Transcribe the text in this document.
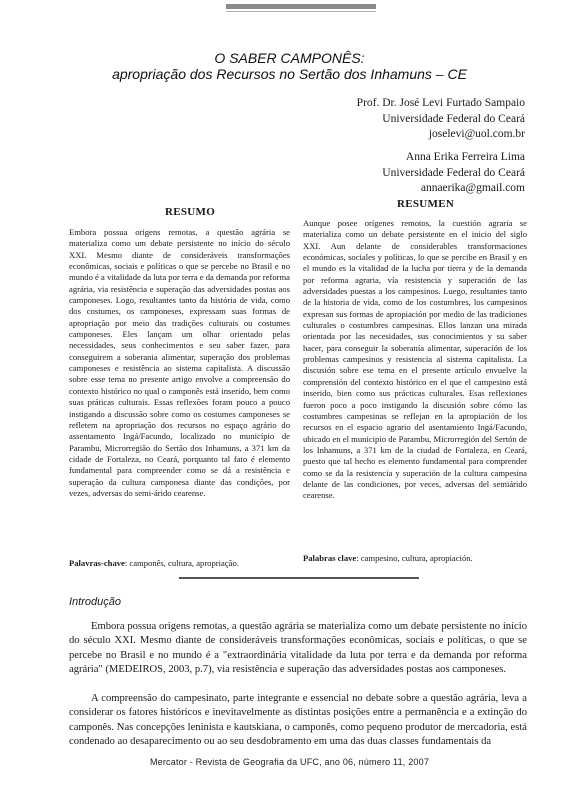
O SABER CAMPONÊS:
apropriação dos Recursos no Sertão dos Inhamuns – CE
Prof. Dr. José Levi Furtado Sampaio
Universidade Federal do Ceará
joselevi@uol.com.br
Anna Erika Ferreira Lima
Universidade Federal do Ceará
annaerika@gmail.com
RESUMO
RESUMEN
Embora possua origens remotas, a questão agrária se materializa como um debate persistente no início do século XXI. Mesmo diante de consideráveis transformações econômicas, sociais e políticas o que se percebe no Brasil e no mundo é a vitalidade da luta por terra e da demanda por reforma agrária, via resistência e superação das adversidades postas aos camponeses. Logo, resultantes tanto da história de vida, como dos costumes, os camponeses, expressam suas formas de apropriação por meio das tradições culturais ou costumes camponeses. Eles lançam um olhar orientado pelas necessidades, seus conhecimentos e seu saber fazer, para conseguirem a soberania alimentar, superação dos problemas camponeses e resistência ao sistema capitalista. A discussão sobre esse tema no presente artigo envolve a compreensão do contexto histórico no qual o camponês está inserido, bem como suas práticas culturais. Essas reflexões foram pouco a pouco instigando a discussão sobre como os costumes camponeses se refletem na apropriação dos recursos no espaço agrário do assentamento Ingá/Facundo, localizado no município de Parambu, Microrregião do Sertão dos Inhamuns, a 371 km da cidade de Fortaleza, no Ceará, porquanto tal fato é elemento fundamental para compreender como se dá a resistência e superação da cultura camponesa diante das condições, por vezes, adversas do semi-árido cearense.
Aunque posee orígenes remotos, la cuestión agraria se materializa como un debate persistente en el inicio del siglo XXI. Aun delante de considerables transformaciones económicas, sociales y políticas, lo que se percibe en Brasil y en el mundo es la vitalidad de la lucha por tierra y de la demanda por reforma agraria, vía resistencia y superación de las adversidades puestas a los campesinos. Luego, resultantes tanto de la historia de vida, como de los costumbres, los campesinos expresan sus formas de apropiación por medio de las tradiciones culturales o costumbres campesinas. Ellos lanzan una mirada orientada por las necesidades, sus conocimientos y su saber hacer, para conseguir la soberanía alimentar, superación de los problemas campesinos y resistencia al sistema capitalista. La discusión sobre ese tema en el presente artículo envuelve la comprensión del contexto histórico en el que el campesino está inserido, bien como sus prácticas culturales. Esas reflexiones fueron poco a poco instigando la discusión sobre cómo las costumbres campesinas se reflejan en la apropiación de los recursos en el espacio agrario del asentamiento Ingá/Facundo, ubicado en el municipio de Parambu, Microrregión del Sertón de los Inhamuns, a 371 km de la ciudad de Fortaleza, en Ceará, puesto que tal hecho es elemento fundamental para comprender como se da la resistencia y superación de la cultura campesina delante de las condiciones, por veces, adversas del semiárido cearense.
Palavras-chave: camponês, cultura, apropriação.	Palabras clave: campesino, cultura, apropiación.
Introdução
Embora possua origens remotas, a questão agrária se materializa como um debate persistente no início do século XXI. Mesmo diante de consideráveis transformações econômicas, sociais e políticas, o que se percebe no Brasil e no mundo é a "extraordinária vitalidade da luta por terra e da demanda por reforma agrária" (MEDEIROS, 2003, p.7), via resistência e superação das adversidades postas aos camponeses.
A compreensão do campesinato, parte integrante e essencial no debate sobre a questão agrária, leva a considerar os fatores históricos e inevitavelmente as distintas posições entre a permanência e a extinção do camponês. Nas concepções leninista e kautskiana, o camponês, como pequeno produtor de mercadoria, está condenado ao desaparecimento ou ao seu desdobramento em uma das duas classes fundamentais da
Mercator - Revista de Geografia da UFC, ano 06, número 11, 2007
